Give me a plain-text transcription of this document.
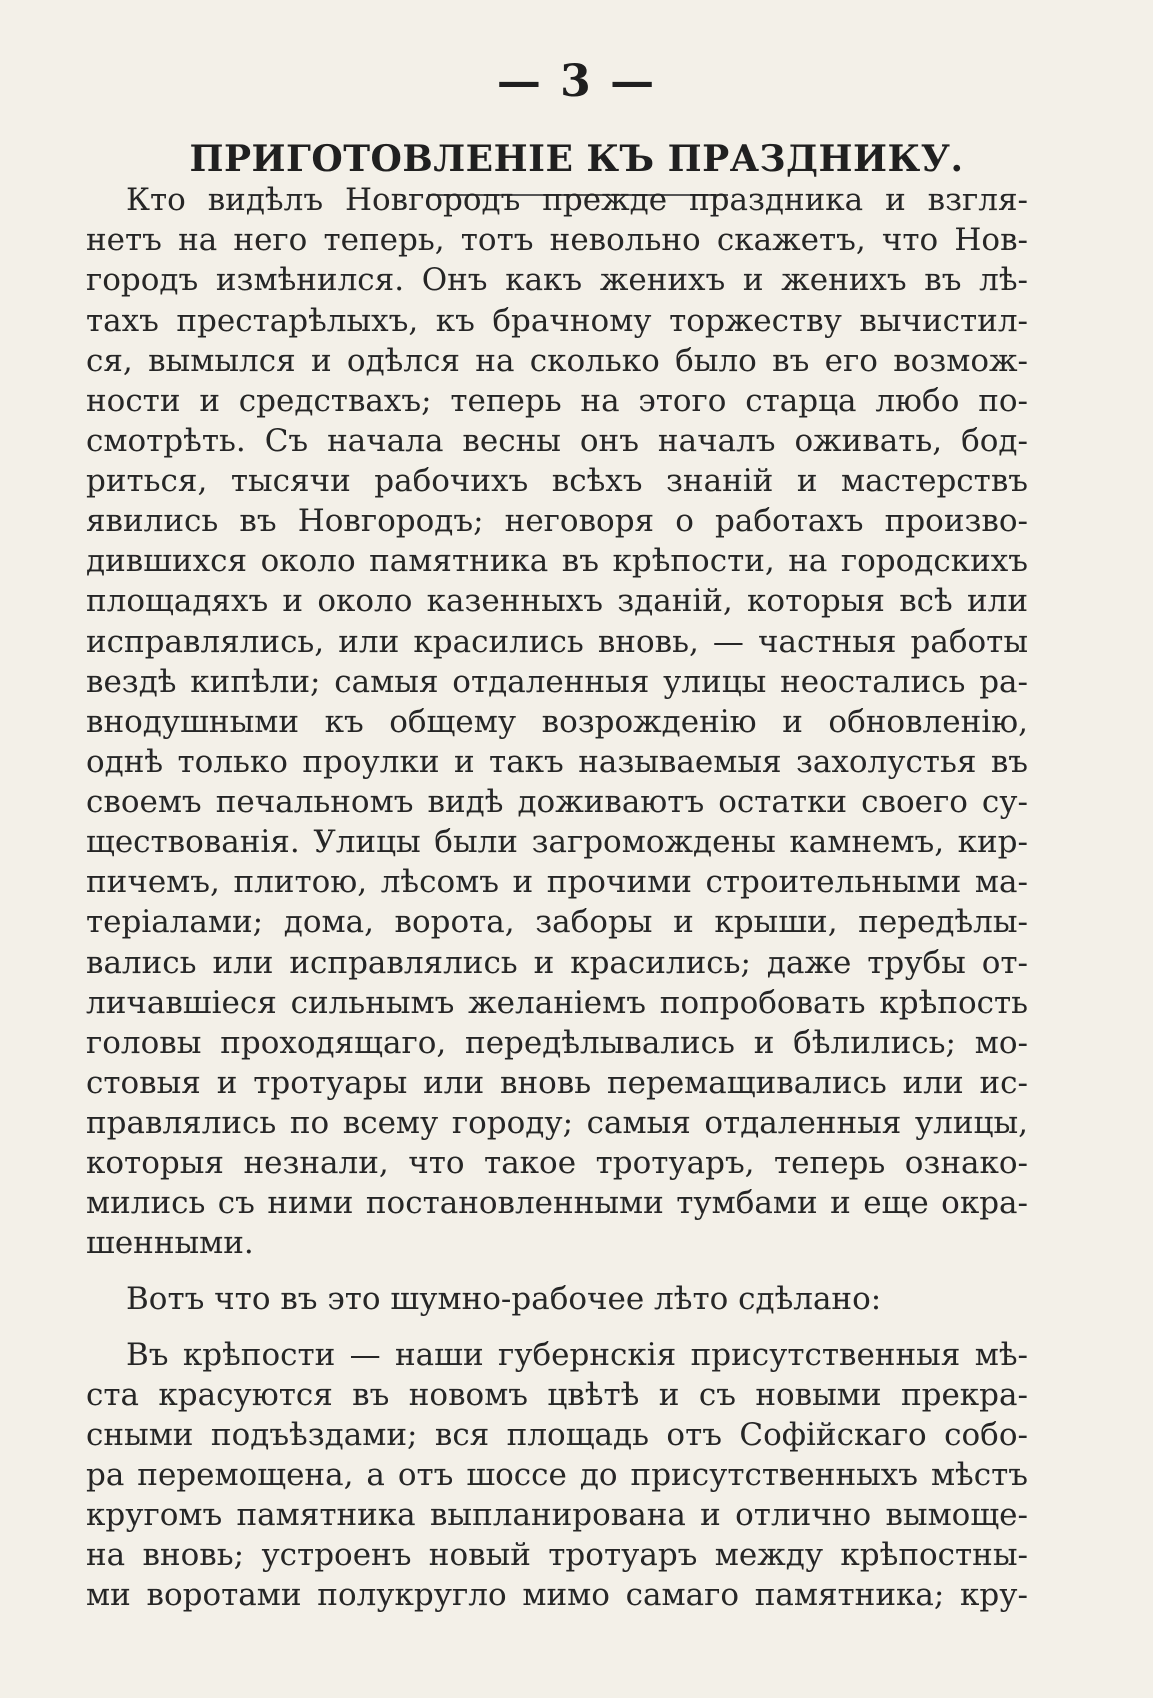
— 3 —
ПРИГОТОВЛЕНІЕ КЪ ПРАЗДНИКУ.
Кто видѣлъ Новгородъ прежде праздника и взгля-
нетъ на него теперь, тотъ невольно скажетъ, что Нов-
городъ измѣнился. Онъ какъ женихъ и женихъ въ лѣ-
тахъ престарѣлыхъ, къ брачному торжеству вычистил-
ся, вымылся и одѣлся на сколько было въ его возмож-
ности и средствахъ; теперь на этого старца любо по-
смотрѣть. Съ начала весны онъ началъ оживать, бод-
риться, тысячи рабочихъ всѣхъ знаній и мастерствъ
явились въ Новгородъ; неговоря о работахъ произво-
дившихся около памятника въ крѣпости, на городскихъ
площадяхъ и около казенныхъ зданій, которыя всѣ или
исправлялись, или красились вновь, — частныя работы
вездѣ кипѣли; самыя отдаленныя улицы неостались ра-
внодушными къ общему возрожденію и обновленію,
однѣ только проулки и такъ называемыя захолустья въ
своемъ печальномъ видѣ доживаютъ остатки своего су-
ществованія. Улицы были загромождены камнемъ, кир-
пичемъ, плитою, лѣсомъ и прочими строительными ма-
теріалами; дома, ворота, заборы и крыши, передѣлы-
вались или исправлялись и красились; даже трубы от-
личавшіеся сильнымъ желаніемъ попробовать крѣпость
головы проходящаго, передѣлывались и бѣлились; мо-
стовыя и тротуары или вновь перемащивались или ис-
правлялись по всему городу; самыя отдаленныя улицы,
которыя незнали, что такое тротуаръ, теперь ознако-
мились съ ними постановленными тумбами и еще окра-
шенными.
Вотъ что въ это шумно-рабочее лѣто сдѣлано:
Въ крѣпости — наши губернскія присутственныя мѣ-
ста красуются въ новомъ цвѣтѣ и съ новыми прекра-
сными подъѣздами; вся площадь отъ Софійскаго собо-
ра перемощена, а отъ шоссе до присутственныхъ мѣстъ
кругомъ памятника выпланирована и отлично вымоще-
на вновь; устроенъ новый тротуаръ между крѣпостны-
ми воротами полукругло мимо самаго памятника; кру-
